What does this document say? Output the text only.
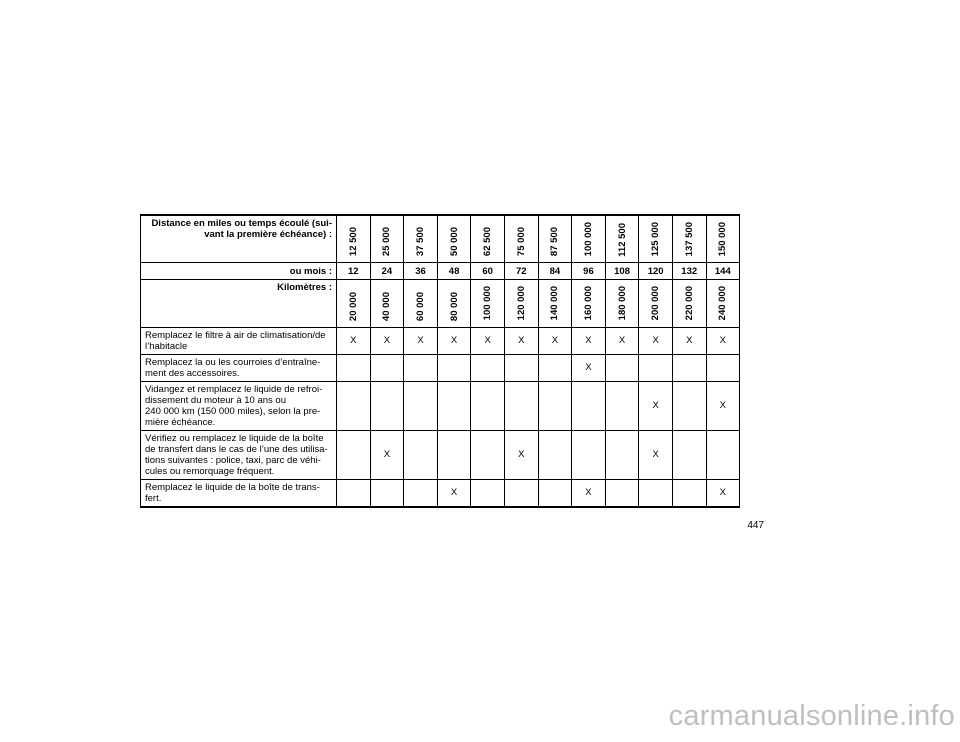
Distance en miles ou temps écoulé (sui-
vant la première échéance) :	12 500	25 000	37 500	50 000	62 500	75 000	87 500	100 000	112 500	125 000	137 500	150 000
ou mois :	12	24	36	48	60	72	84	96	108	120	132	144
Kilomètres :	20 000	40 000	60 000	80 000	100 000	120 000	140 000	160 000	180 000	200 000	220 000	240 000
Remplacez le filtre à air de climatisation/de
l’habitacle	X	X	X	X	X	X	X	X	X	X	X	X
Remplacez la ou les courroies d’entraîne-
ment des accessoires.								X				
Vidangez et remplacez le liquide de refroi-
dissement du moteur à 10 ans ou
240 000 km (150 000 miles), selon la pre-
mière échéance.										X		X
Vérifiez ou remplacez le liquide de la boîte
de transfert dans le cas de l’une des utilisa-
tions suivantes : police, taxi, parc de véhi-
cules ou remorquage fréquent.		X				X				X		
Remplacez le liquide de la boîte de trans-
fert.				X				X				X
447
carmanualsonline.info
